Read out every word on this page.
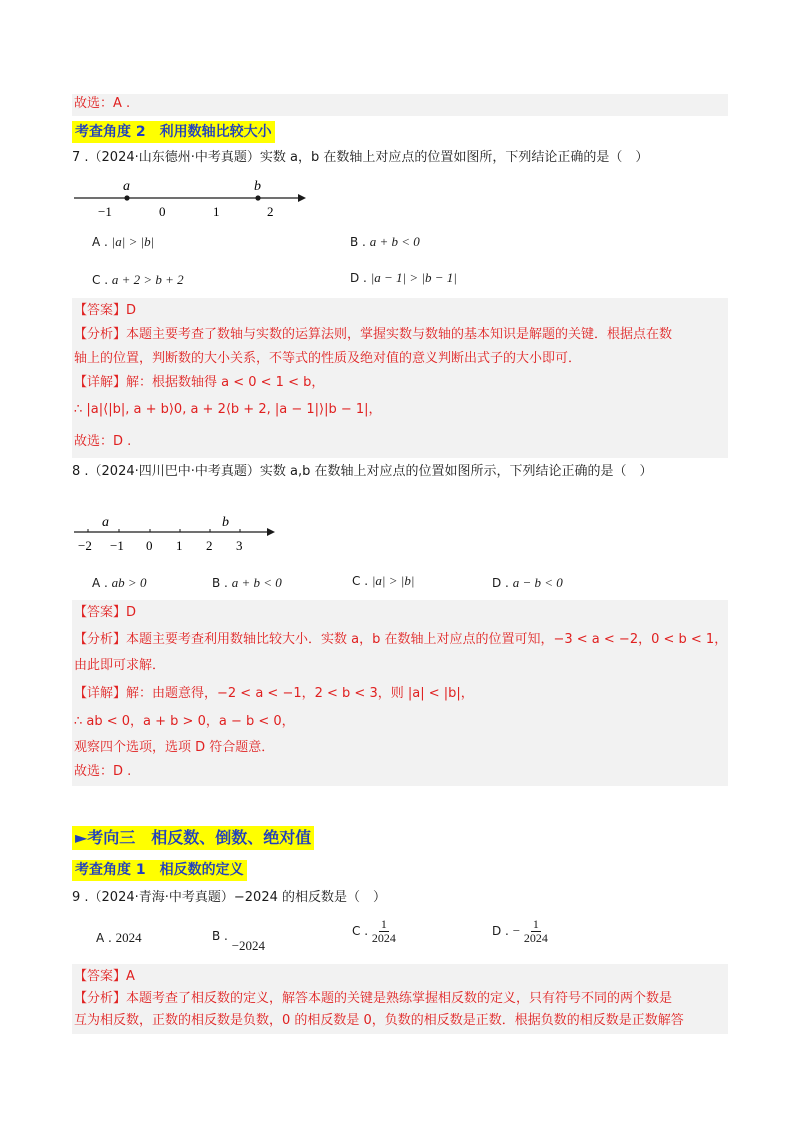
故选：A .
考查角度 2　利用数轴比较大小
7 .（2024·山东德州·中考真题）实数 a，b 在数轴上对应点的位置如图所，下列结论正确的是（　）
a	b
−1	0	1	2
A . |a| > |b|	B . a + b < 0
C . a + 2 > b + 2	D . |a − 1| > |b − 1|
【答案】D
【分析】本题主要考查了数轴与实数的运算法则，掌握实数与数轴的基本知识是解题的关键．根据点在数
轴上的位置，判断数的大小关系，不等式的性质及绝对值的意义判断出式子的大小即可．
【详解】解：根据数轴得 a < 0 < 1 < b，
∴ |a|⟨|b|, a + b⟩0, a + 2⟨b + 2, |a − 1|⟩|b − 1|，
故选：D .
8 .（2024·四川巴中·中考真题）实数 a,b 在数轴上对应点的位置如图所示，下列结论正确的是（　）
a	b
−2 −1 0 1 2 3
A . ab > 0	B . a + b < 0	C . |a| > |b|	D . a − b < 0
【答案】D
【分析】本题主要考查利用数轴比较大小．实数 a，b 在数轴上对应点的位置可知，−3 < a < −2，0 < b < 1，
由此即可求解．
【详解】解：由题意得，−2 < a < −1，2 < b < 3，则 |a| < |b|，
∴ ab < 0，a + b > 0，a − b < 0，
观察四个选项，选项 D 符合题意．
故选：D .
►考向三　相反数、倒数、绝对值
考查角度 1　相反数的定义
9 .（2024·青海·中考真题）−2024 的相反数是（　）
A . 2024	B . −2024
C . $\frac{1}{2024}$	D . − $\frac{1}{2024}$
【答案】A
【分析】本题考查了相反数的定义，解答本题的关键是熟练掌握相反数的定义，只有符号不同的两个数是
互为相反数，正数的相反数是负数，0 的相反数是 0，负数的相反数是正数．根据负数的相反数是正数解答
